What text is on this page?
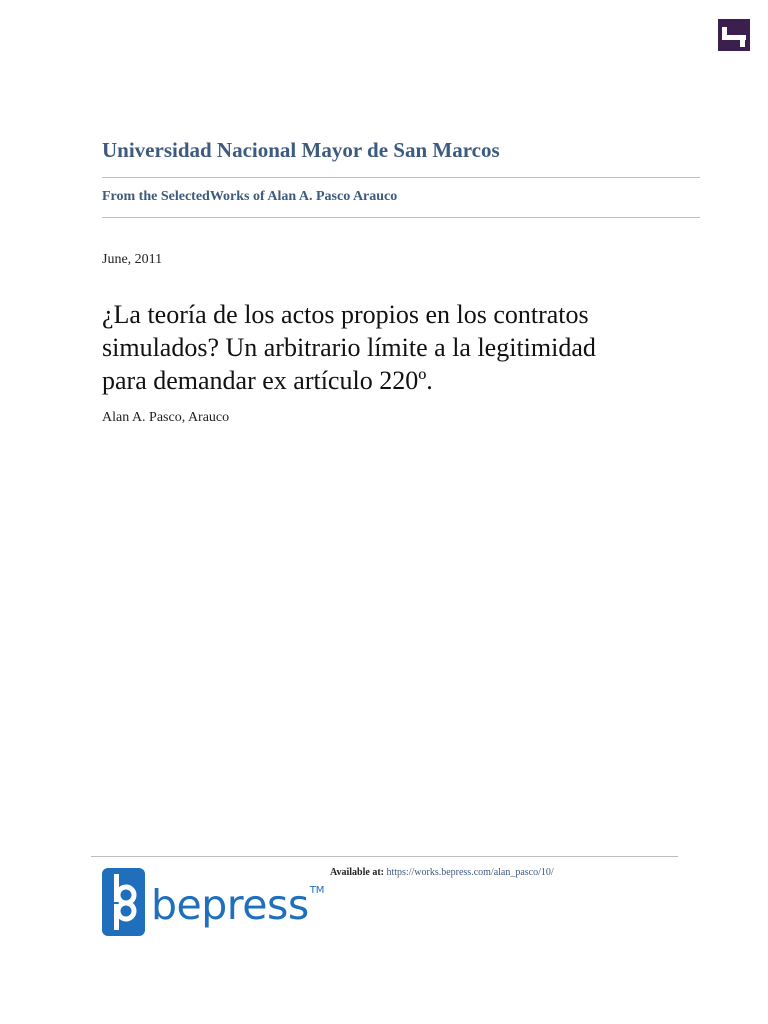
Universidad Nacional Mayor de San Marcos
From the SelectedWorks of Alan A. Pasco Arauco
June, 2011
¿La teoría de los actos propios en los contratos
simulados? Un arbitrario límite a la legitimidad
para demandar ex artículo 220º.
Alan A. Pasco, Arauco
bepress TM
Available at: https://works.bepress.com/alan_pasco/10/
